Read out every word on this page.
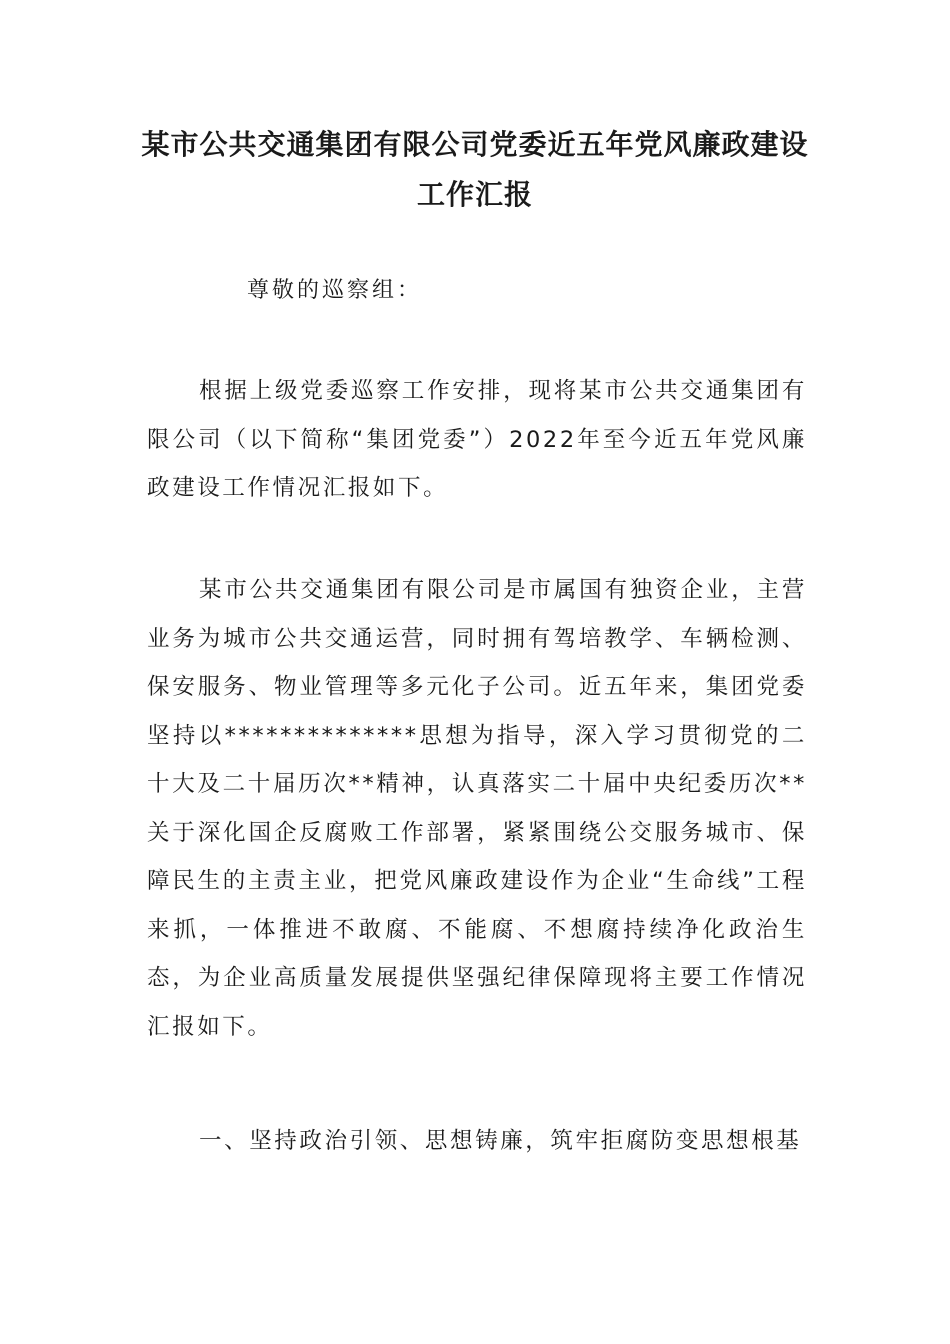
某市公共交通集团有限公司党委近五年党风廉政建设
工作汇报

尊敬的巡察组：

根据上级党委巡察工作安排，现将某市公共交通集团有限公司（以下简称“集团党委”）2022年至今近五年党风廉政建设工作情况汇报如下。

某市公共交通集团有限公司是市属国有独资企业，主营业务为城市公共交通运营，同时拥有驾培教学、车辆检测、保安服务、物业管理等多元化子公司。近五年来，集团党委坚持以**************思想为指导，深入学习贯彻党的二十大及二十届历次**精神，认真落实二十届中央纪委历次**关于深化国企反腐败工作部署，紧紧围绕公交服务城市、保障民生的主责主业，把党风廉政建设作为企业“生命线”工程来抓，一体推进不敢腐、不能腐、不想腐持续净化政治生态，为企业高质量发展提供坚强纪律保障现将主要工作情况汇报如下。

一、坚持政治引领、思想铸廉，筑牢拒腐防变思想根基
